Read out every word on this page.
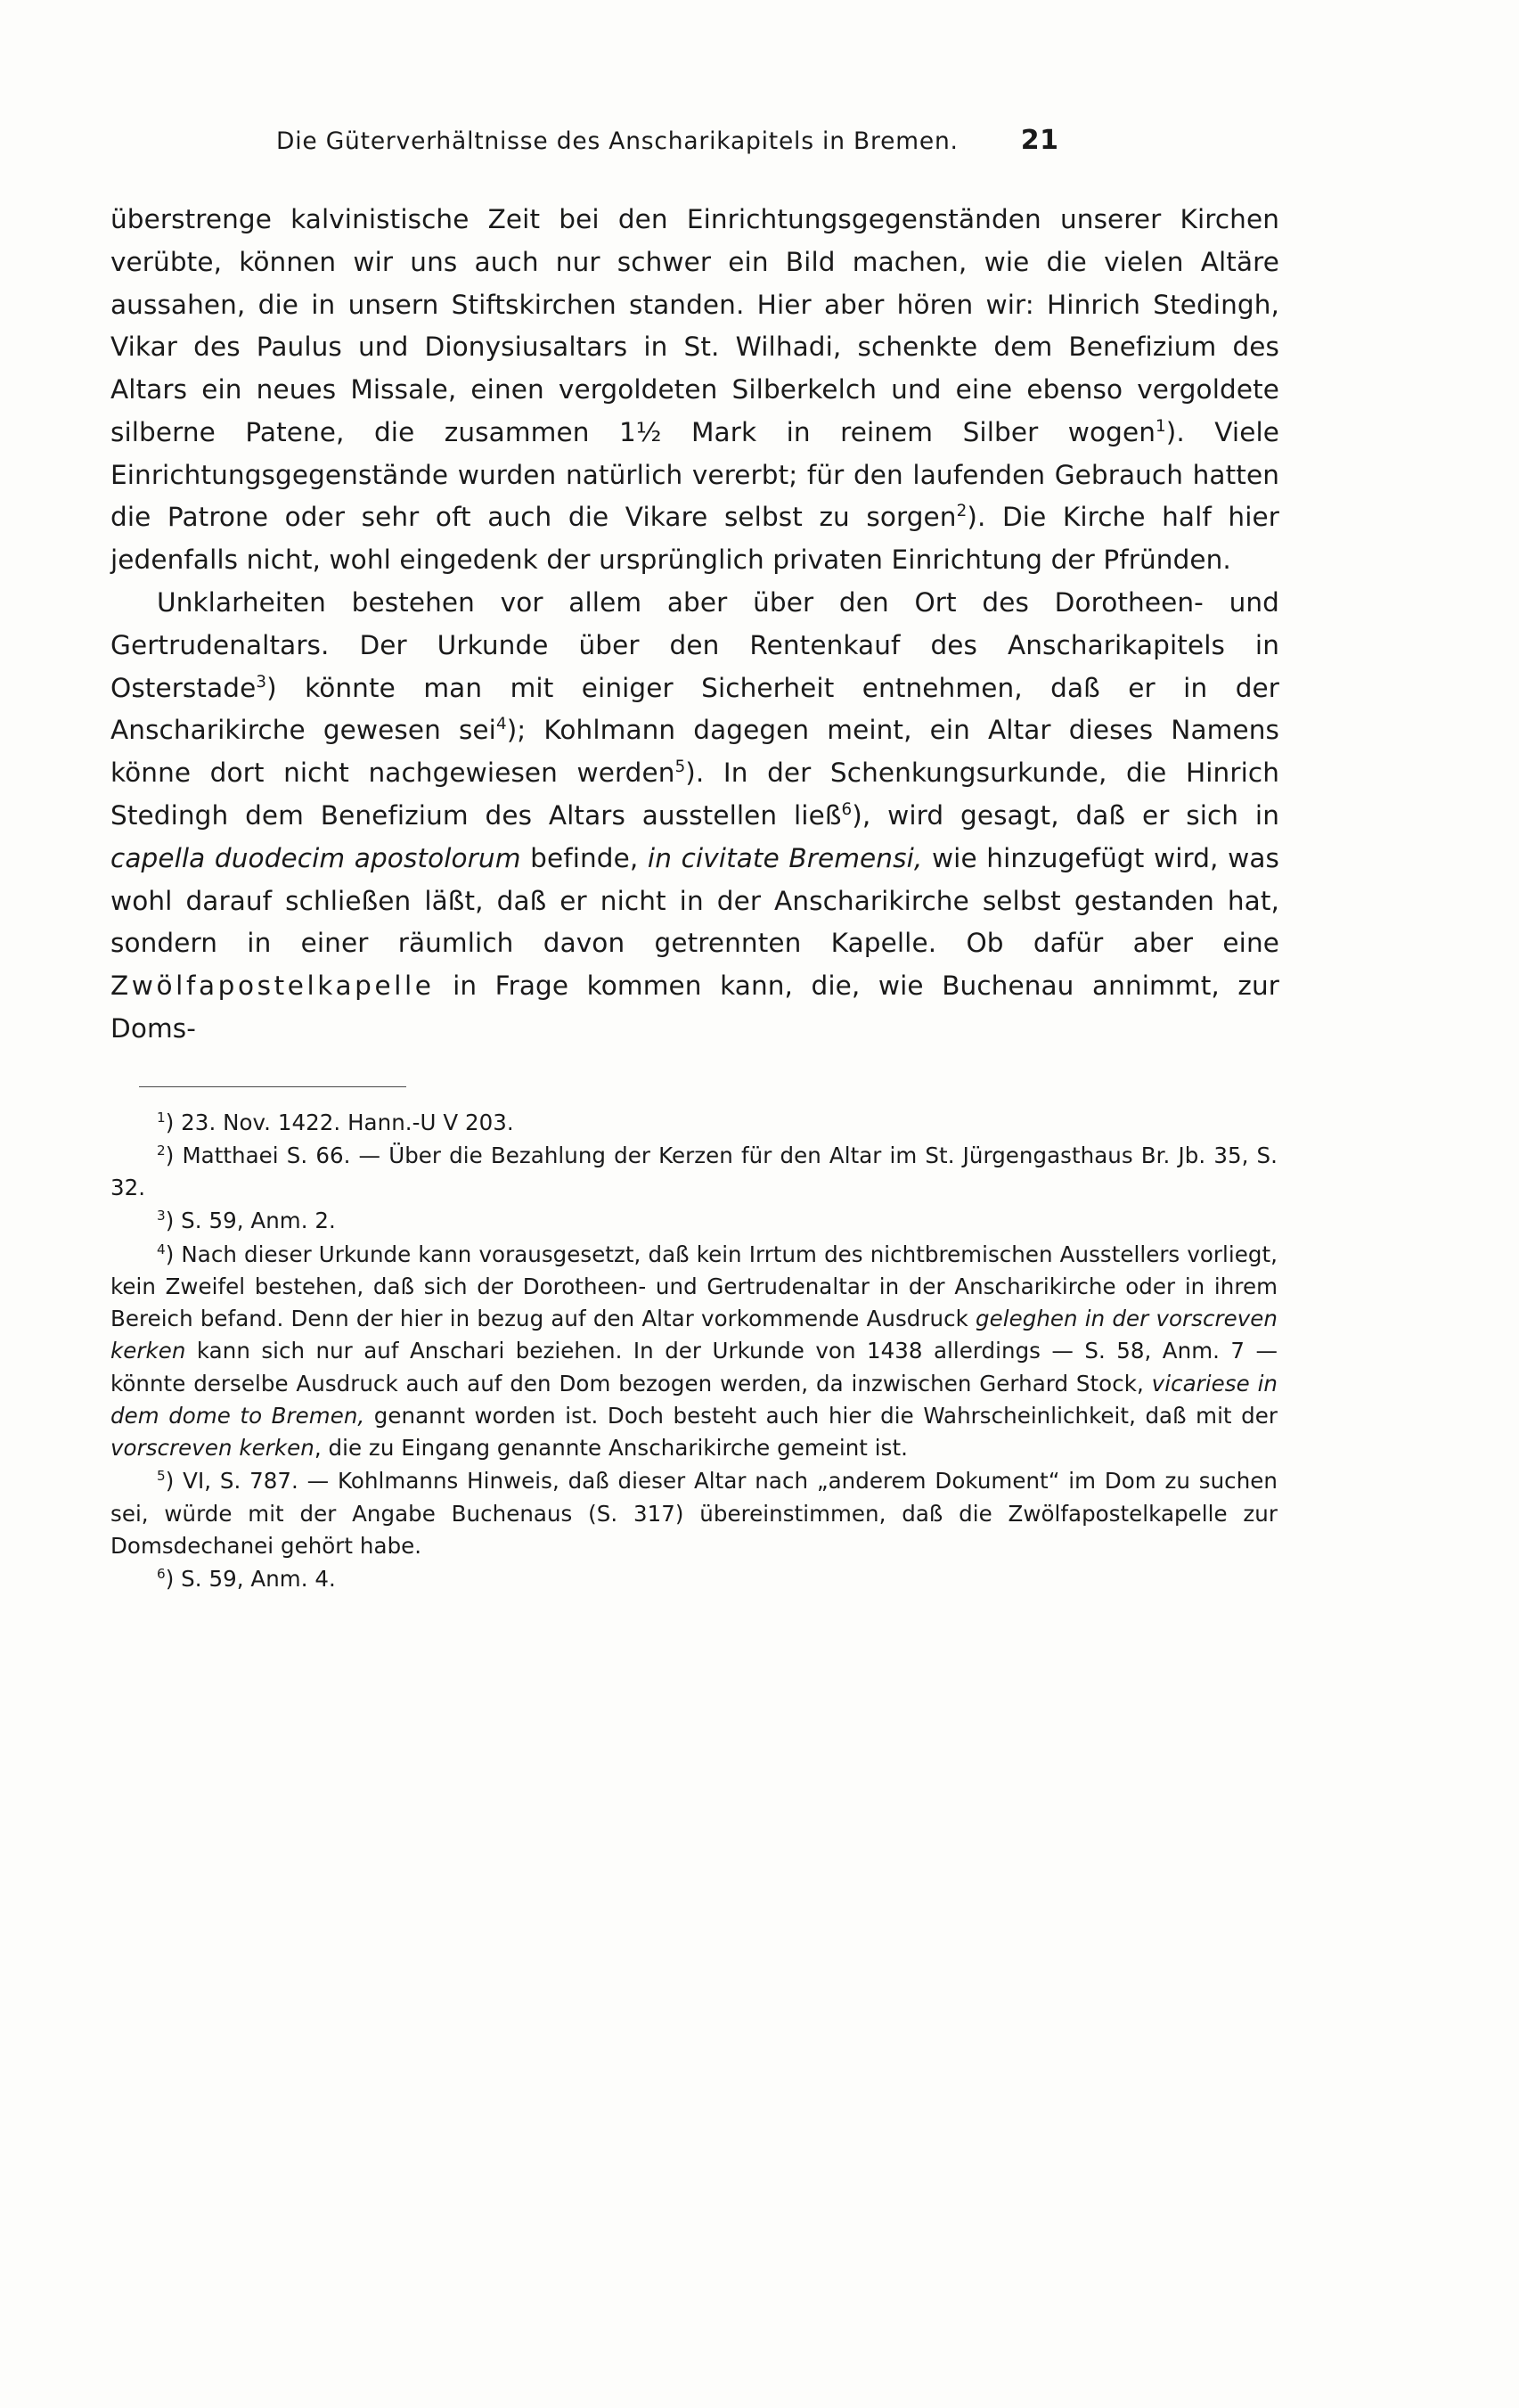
Die Güterverhältnisse des Anscharikapitels in Bremen. 21

überstrenge kalvinistische Zeit bei den Einrichtungsgegenständen unserer Kirchen verübte, können wir uns auch nur schwer ein Bild machen, wie die vielen Altäre aussahen, die in unsern Stiftskirchen standen. Hier aber hören wir: Hinrich Stedingh, Vikar des Paulus und Dionysiusaltars in St. Wilhadi, schenkte dem Benefizium des Altars ein neues Missale, einen vergoldeten Silberkelch und eine ebenso vergoldete silberne Patene, die zusammen 1½ Mark in reinem Silber wogen$^1$). Viele Einrichtungsgegenstände wurden natürlich vererbt; für den laufenden Gebrauch hatten die Patrone oder sehr oft auch die Vikare selbst zu sorgen$^2$). Die Kirche half hier jedenfalls nicht, wohl eingedenk der ursprünglich privaten Einrichtung der Pfründen.

Unklarheiten bestehen vor allem aber über den Ort des Dorotheen- und Gertrudenaltars. Der Urkunde über den Rentenkauf des Anscharikapitels in Osterstade$^3$) könnte man mit einiger Sicherheit entnehmen, daß er in der Anscharikirche gewesen sei$^4$); Kohlmann dagegen meint, ein Altar dieses Namens könne dort nicht nachgewiesen werden$^5$). In der Schenkungsurkunde, die Hinrich Stedingh dem Benefizium des Altars ausstellen ließ$^6$), wird gesagt, daß er sich in capella duodecim apostolorum befinde, in civitate Bremensi, wie hinzugefügt wird, was wohl darauf schließen läßt, daß er nicht in der Anscharikirche selbst gestanden hat, sondern in einer räumlich davon getrennten Kapelle. Ob dafür aber eine Zwölfapostelkapelle in Frage kommen kann, die, wie Buchenau annimmt, zur Doms-

$^1$) 23. Nov. 1422. Hann.-U V 203.

$^2$) Matthaei S. 66. — Über die Bezahlung der Kerzen für den Altar im St. Jürgengasthaus Br. Jb. 35, S. 32.

$^3$) S. 59, Anm. 2.

$^4$) Nach dieser Urkunde kann vorausgesetzt, daß kein Irrtum des nichtbremischen Ausstellers vorliegt, kein Zweifel bestehen, daß sich der Dorotheen- und Gertrudenaltar in der Anscharikirche oder in ihrem Bereich befand. Denn der hier in bezug auf den Altar vorkommende Ausdruck geleghen in der vorscreven kerken kann sich nur auf Anschari beziehen. In der Urkunde von 1438 allerdings — S. 58, Anm. 7 — könnte derselbe Ausdruck auch auf den Dom bezogen werden, da inzwischen Gerhard Stock, vicariese in dem dome to Bremen, genannt worden ist. Doch besteht auch hier die Wahrscheinlichkeit, daß mit der vorscreven kerken, die zu Eingang genannte Anscharikirche gemeint ist.

$^5$) VI, S. 787. — Kohlmanns Hinweis, daß dieser Altar nach „anderem Dokument“ im Dom zu suchen sei, würde mit der Angabe Buchenaus (S. 317) übereinstimmen, daß die Zwölfapostelkapelle zur Domsdechanei gehört habe.

$^6$) S. 59, Anm. 4.
